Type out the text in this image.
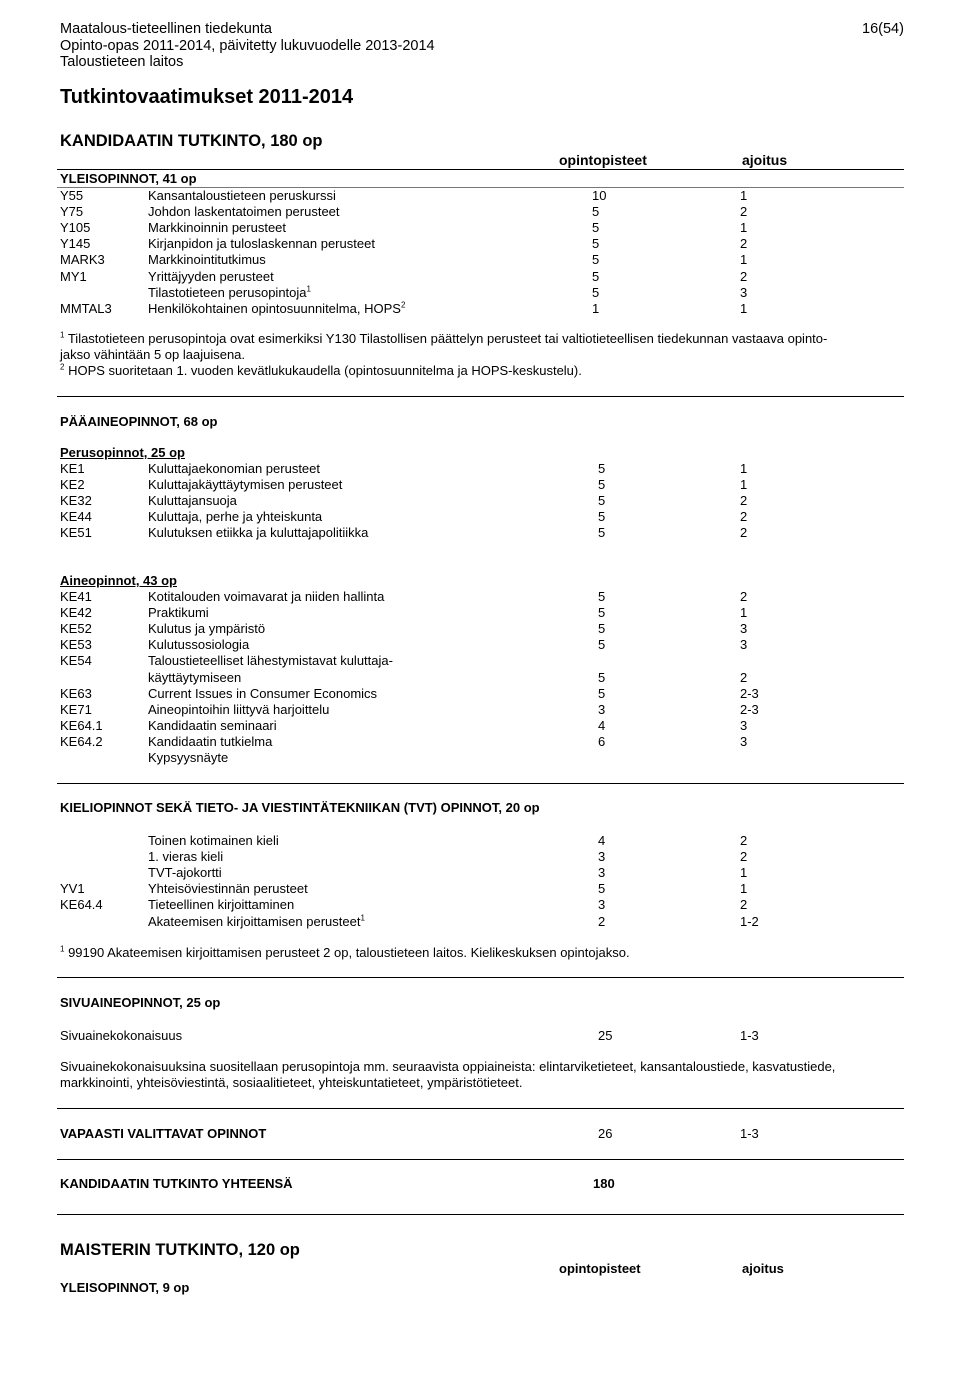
Maatalous-tieteellinen tiedekunta
Opinto-opas 2011-2014, päivitetty lukuvuodelle 2013-2014
Taloustieteen laitos
16(54)
Tutkintovaatimukset 2011-2014
KANDIDAATIN TUTKINTO, 180 op
opintopisteet	ajoitus
YLEISOPINNOT, 41 op
Y55	Kansantaloustieteen peruskurssi	10	1
Y75	Johdon laskentatoimen perusteet	5	2
Y105	Markkinoinnin perusteet	5	1
Y145	Kirjanpidon ja tuloslaskennan perusteet	5	2
MARK3	Markkinointitutkimus	5	1
MY1	Yrittäjyyden perusteet	5	2
Tilastotieteen perusopintoja$^1$	5	3
MMTAL3	Henkilökohtainen opintosuunnitelma, HOPS$^2$	1	1
$^1$ Tilastotieteen perusopintoja ovat esimerkiksi Y130 Tilastollisen päättelyn perusteet tai valtiotieteellisen tiedekunnan vastaava opinto-
jakso vähintään 5 op laajuisena.
$^2$ HOPS suoritetaan 1. vuoden kevätlukukaudella (opintosuunnitelma ja HOPS-keskustelu).
PÄÄAINEOPINNOT, 68 op
Perusopinnot, 25 op
KE1	Kuluttajaekonomian perusteet	5	1
KE2	Kuluttajakäyttäytymisen perusteet	5	1
KE32	Kuluttajansuoja	5	2
KE44	Kuluttaja, perhe ja yhteiskunta	5	2
KE51	Kulutuksen etiikka ja kuluttajapolitiikka	5	2
Aineopinnot, 43 op
KE41	Kotitalouden voimavarat ja niiden hallinta	5	2
KE42	Praktikumi	5	1
KE52	Kulutus ja ympäristö	5	3
KE53	Kulutussosiologia	5	3
KE54	Taloustieteelliset lähestymistavat kuluttaja-
käyttäytymiseen	5	2
KE63	Current Issues in Consumer Economics	5	2-3
KE71	Aineopintoihin liittyvä harjoittelu	3	2-3
KE64.1	Kandidaatin seminaari	4	3
KE64.2	Kandidaatin tutkielma	6	3
Kypsyysnäyte
KIELIOPINNOT SEKÄ TIETO- JA VIESTINTÄTEKNIIKAN (TVT) OPINNOT, 20 op
Toinen kotimainen kieli	4	2
1. vieras kieli	3	2
TVT-ajokortti	3	1
YV1	Yhteisöviestinnän perusteet	5	1
KE64.4	Tieteellinen kirjoittaminen	3	2
Akateemisen kirjoittamisen perusteet$^1$	2	1-2
$^1$ 99190 Akateemisen kirjoittamisen perusteet 2 op, taloustieteen laitos. Kielikeskuksen opintojakso.
SIVUAINEOPINNOT, 25 op
Sivuainekokonaisuus	25	1-3
Sivuainekokonaisuuksina suositellaan perusopintoja mm. seuraavista oppiaineista: elintarviketieteet, kansantaloustiede, kasvatustiede,
markkinointi, yhteisöviestintä, sosiaalitieteet, yhteiskuntatieteet, ympäristötieteet.
VAPAASTI VALITTAVAT OPINNOT	26	1-3
KANDIDAATIN TUTKINTO YHTEENSÄ	180
MAISTERIN TUTKINTO, 120 op
opintopisteet	ajoitus
YLEISOPINNOT, 9 op
